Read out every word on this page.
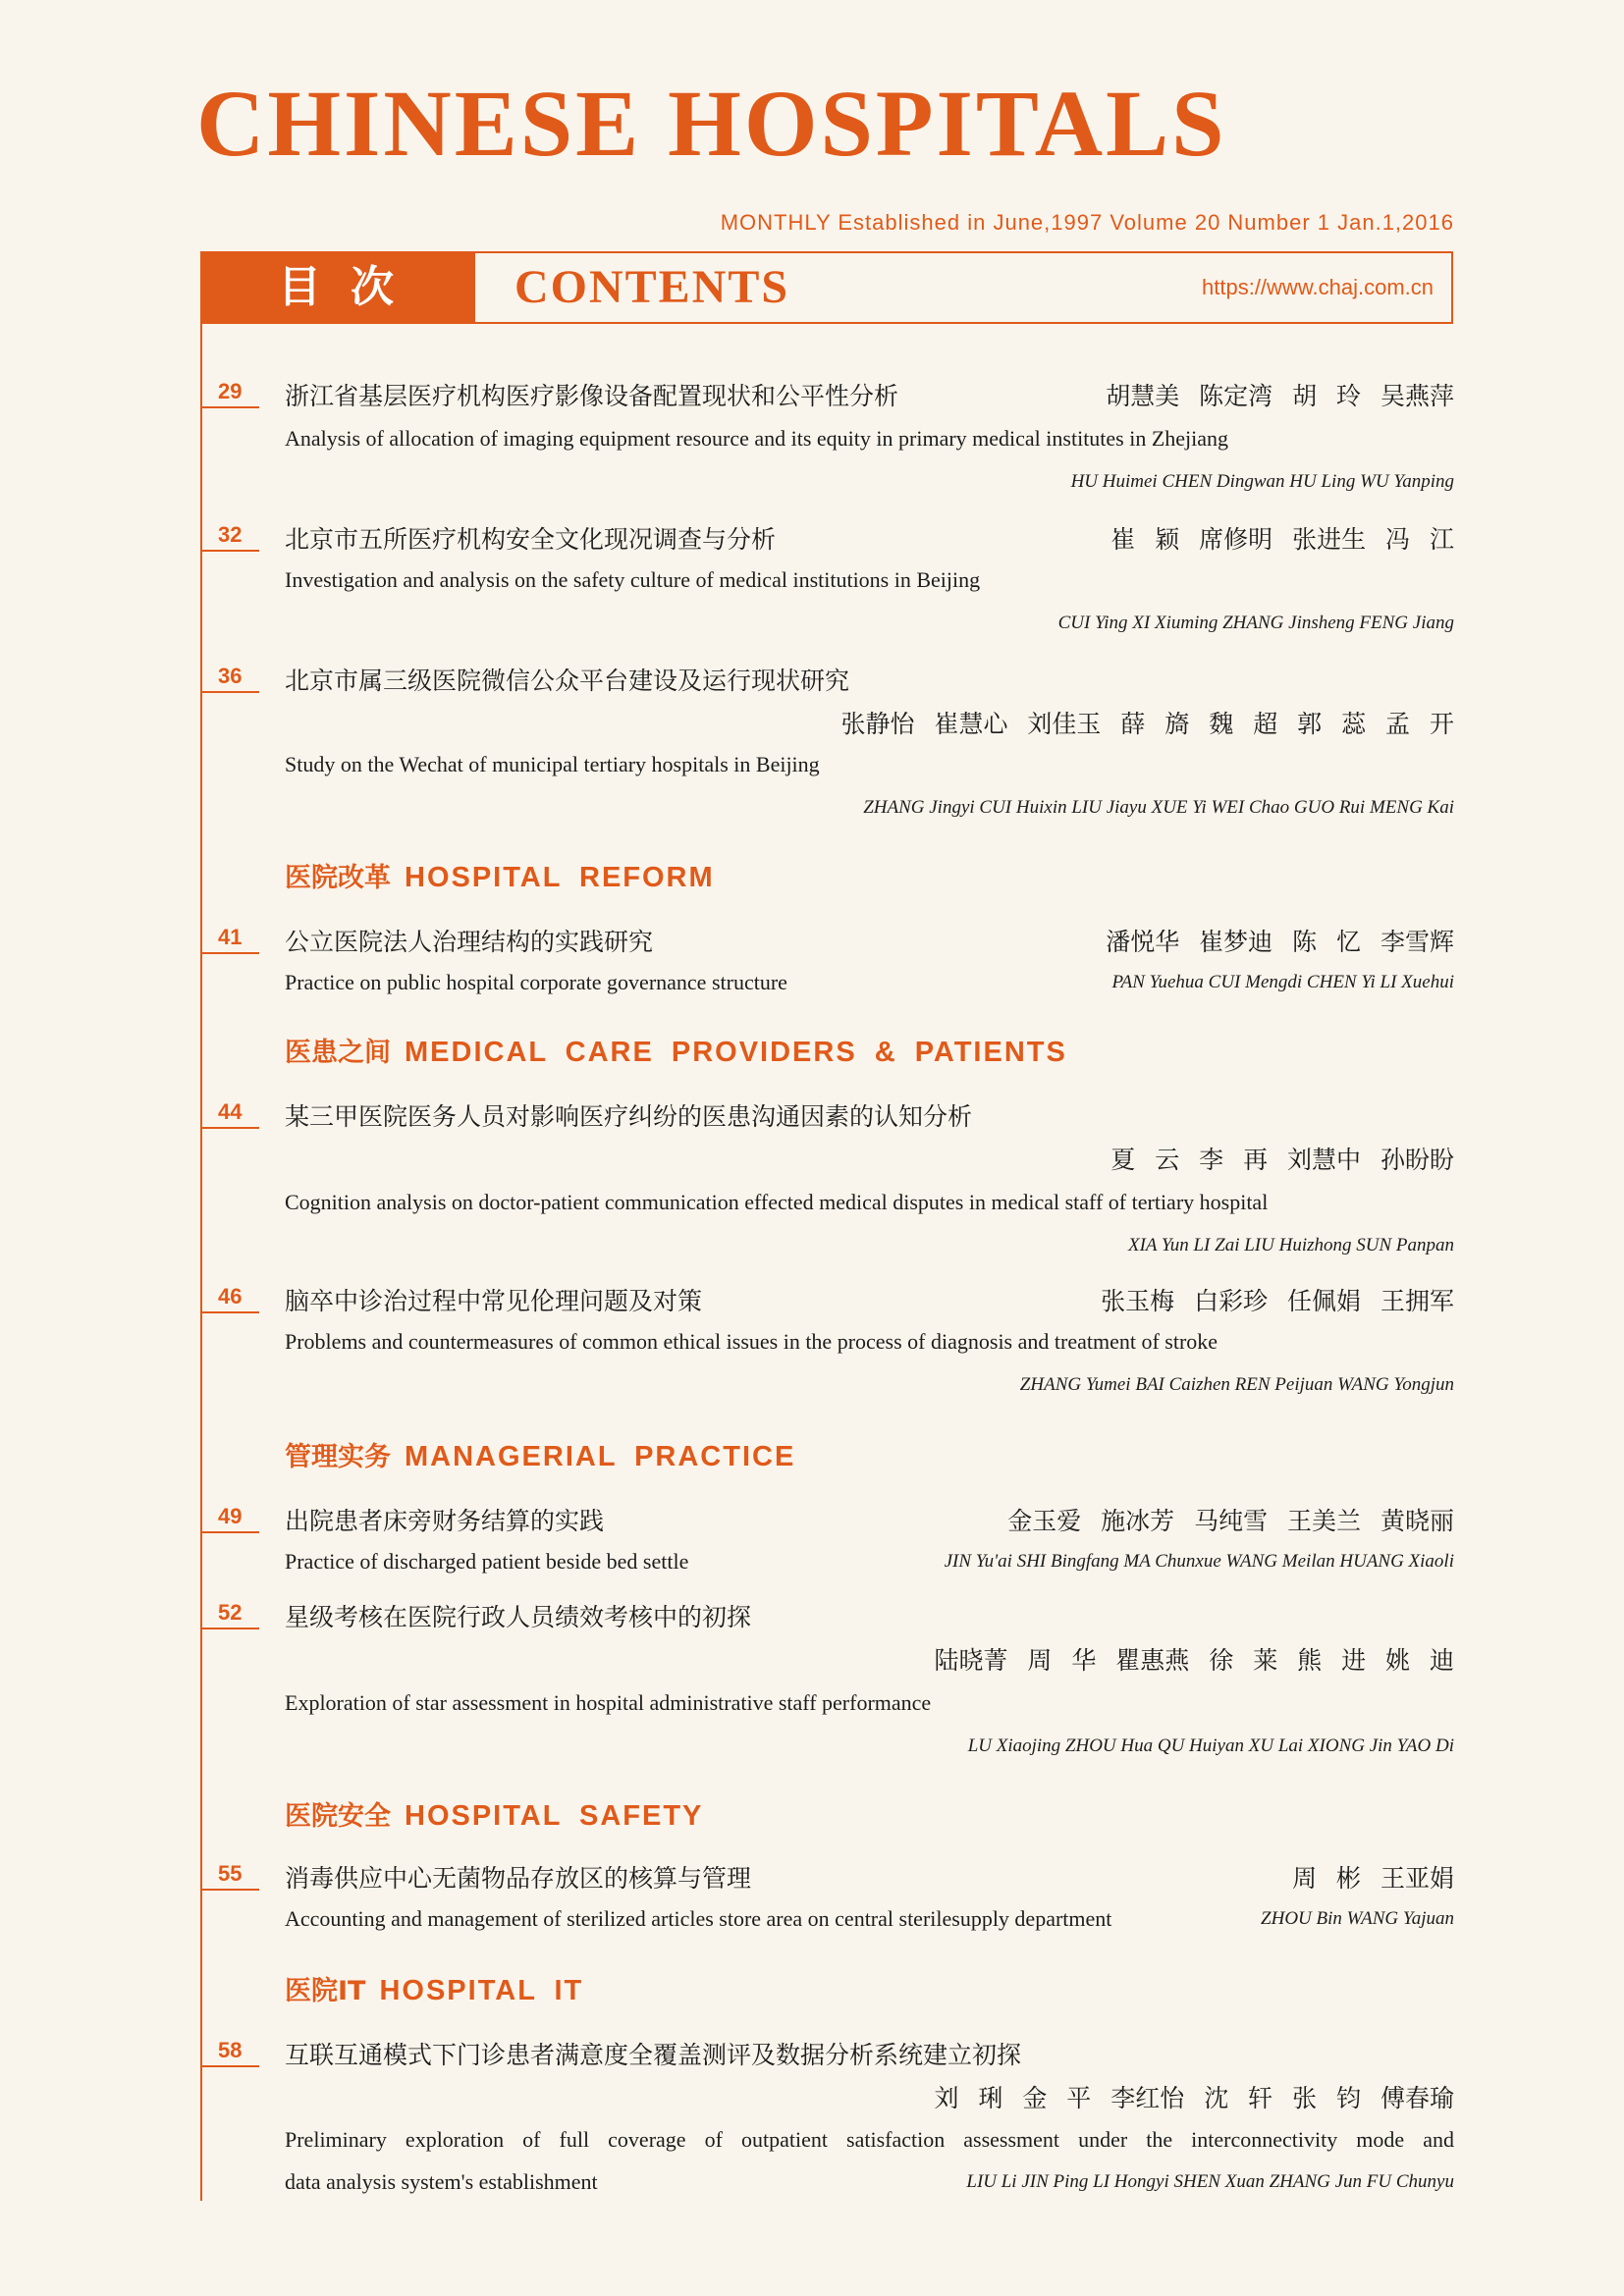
CHINESE HOSPITALS
MONTHLY Established in June,1997 Volume 20 Number 1 Jan.1,2016
目次	CONTENTS	https://www.chaj.com.cn
29 浙江省基层医疗机构医疗影像设备配置现状和公平性分析	胡慧美 陈定湾 胡 玲 吴燕萍
Analysis of allocation of imaging equipment resource and its equity in primary medical institutes in Zhejiang
HU Huimei CHEN Dingwan HU Ling WU Yanping
32 北京市五所医疗机构安全文化现况调查与分析	崔 颖 席修明 张进生 冯 江
Investigation and analysis on the safety culture of medical institutions in Beijing
CUI Ying XI Xiuming ZHANG Jinsheng FENG Jiang
36 北京市属三级医院微信公众平台建设及运行现状研究
张静怡 崔慧心 刘佳玉 薛 旖 魏 超 郭 蕊 孟 开
Study on the Wechat of municipal tertiary hospitals in Beijing
ZHANG Jingyi CUI Huixin LIU Jiayu XUE Yi WEI Chao GUO Rui MENG Kai
医院改革 HOSPITAL REFORM
41 公立医院法人治理结构的实践研究	潘悦华 崔梦迪 陈 忆 李雪辉
Practice on public hospital corporate governance structure	PAN Yuehua CUI Mengdi CHEN Yi LI Xuehui
医患之间 MEDICAL CARE PROVIDERS & PATIENTS
44 某三甲医院医务人员对影响医疗纠纷的医患沟通因素的认知分析
夏 云 李 再 刘慧中 孙盼盼
Cognition analysis on doctor-patient communication effected medical disputes in medical staff of tertiary hospital
XIA Yun LI Zai LIU Huizhong SUN Panpan
46 脑卒中诊治过程中常见伦理问题及对策	张玉梅 白彩珍 任佩娟 王拥军
Problems and countermeasures of common ethical issues in the process of diagnosis and treatment of stroke
ZHANG Yumei BAI Caizhen REN Peijuan WANG Yongjun
管理实务 MANAGERIAL PRACTICE
49 出院患者床旁财务结算的实践	金玉爱 施冰芳 马纯雪 王美兰 黄晓丽
Practice of discharged patient beside bed settle	JIN Yu'ai SHI Bingfang MA Chunxue WANG Meilan HUANG Xiaoli
52 星级考核在医院行政人员绩效考核中的初探
陆晓菁 周 华 瞿惠燕 徐 莱 熊 进 姚 迪
Exploration of star assessment in hospital administrative staff performance
LU Xiaojing ZHOU Hua QU Huiyan XU Lai XIONG Jin YAO Di
医院安全 HOSPITAL SAFETY
55 消毒供应中心无菌物品存放区的核算与管理	周 彬 王亚娟
Accounting and management of sterilized articles store area on central sterilesupply department	ZHOU Bin WANG Yajuan
医院IT HOSPITAL IT
58 互联互通模式下门诊患者满意度全覆盖测评及数据分析系统建立初探
刘 琍 金 平 李红怡 沈 轩 张 钧 傅春瑜
Preliminary exploration of full coverage of outpatient satisfaction assessment under the interconnectivity mode and
data analysis system's establishment	LIU Li JIN Ping LI Hongyi SHEN Xuan ZHANG Jun FU Chunyu
